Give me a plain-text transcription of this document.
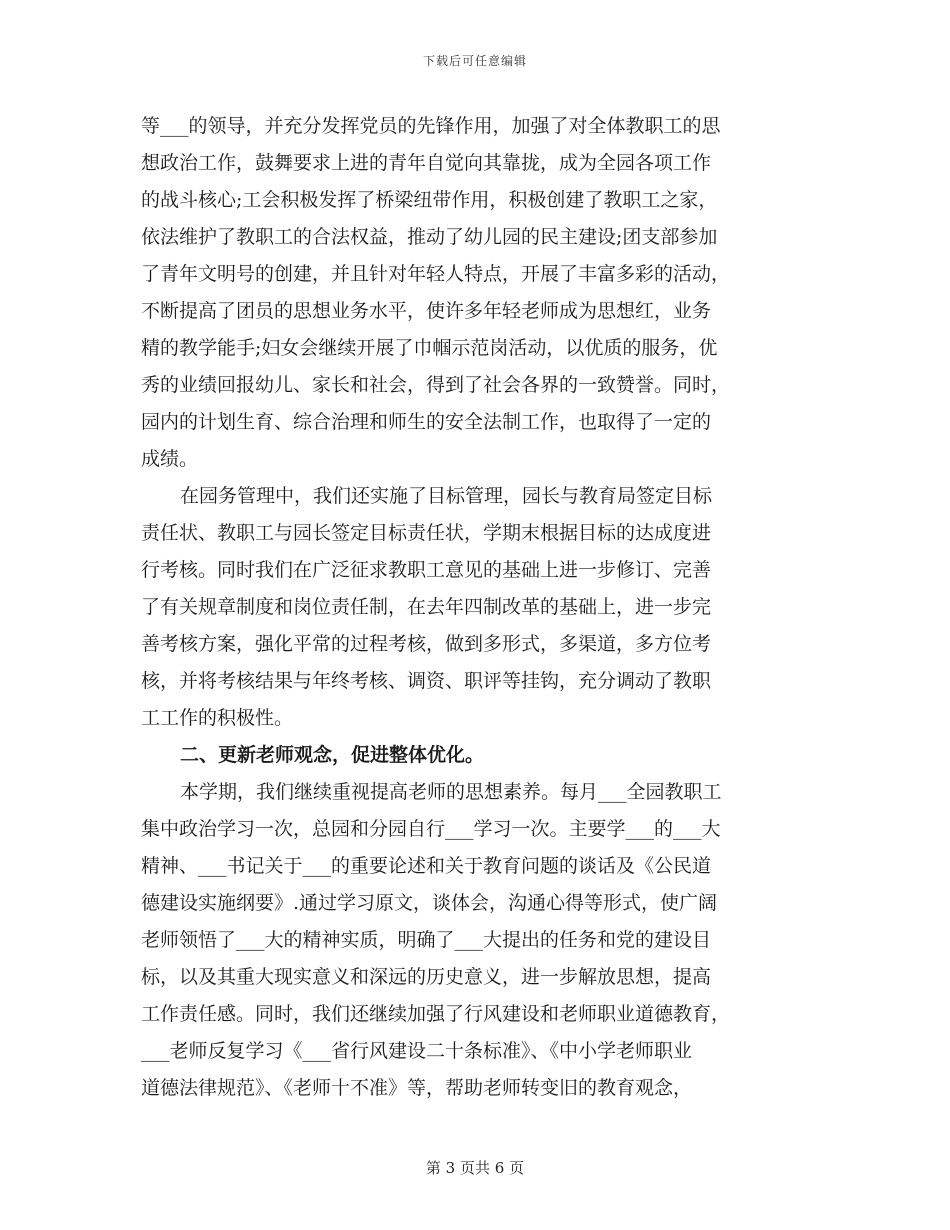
下载后可任意编辑
等___的领导，并充分发挥党员的先锋作用，加强了对全体教职工的思
想政治工作，鼓舞要求上进的青年自觉向其靠拢，成为全园各项工作
的战斗核心;工会积极发挥了桥梁纽带作用，积极创建了教职工之家，
依法维护了教职工的合法权益，推动了幼儿园的民主建设;团支部参加
了青年文明号的创建，并且针对年轻人特点，开展了丰富多彩的活动，
不断提高了团员的思想业务水平，使许多年轻老师成为思想红，业务
精的教学能手;妇女会继续开展了巾帼示范岗活动，以优质的服务，优
秀的业绩回报幼儿、家长和社会，得到了社会各界的一致赞誉。同时，
园内的计划生育、综合治理和师生的安全法制工作，也取得了一定的
成绩。
在园务管理中，我们还实施了目标管理，园长与教育局签定目标
责任状、教职工与园长签定目标责任状，学期末根据目标的达成度进
行考核。同时我们在广泛征求教职工意见的基础上进一步修订、完善
了有关规章制度和岗位责任制，在去年四制改革的基础上，进一步完
善考核方案，强化平常的过程考核，做到多形式，多渠道，多方位考
核，并将考核结果与年终考核、调资、职评等挂钩，充分调动了教职
工工作的积极性。
二、更新老师观念，促进整体优化。
本学期，我们继续重视提高老师的思想素养。每月___全园教职工
集中政治学习一次，总园和分园自行___学习一次。主要学___的___大
精神、___书记关于___的重要论述和关于教育问题的谈话及《公民道
德建设实施纲要》.通过学习原文，谈体会，沟通心得等形式，使广阔
老师领悟了___大的精神实质，明确了___大提出的任务和党的建设目
标，以及其重大现实意义和深远的历史意义，进一步解放思想，提高
工作责任感。同时，我们还继续加强了行风建设和老师职业道德教育，
___老师反复学习《___省行风建设二十条标准》、《中小学老师职业
道德法律规范》、《老师十不准》等，帮助老师转变旧的教育观念，
第 3 页共 6 页
